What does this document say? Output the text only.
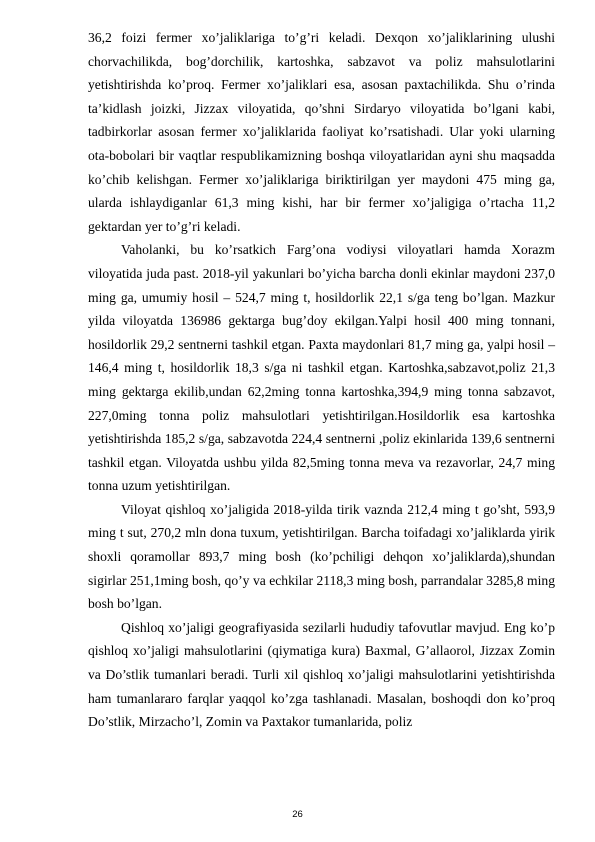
36,2 foizi fermer xo’jaliklariga to’g’ri keladi. Dexqon xo’jaliklarining ulushi chorvachilikda, bog’dorchilik, kartoshka, sabzavot va poliz mahsulotlarini yetishtirishda ko’proq. Fermer xo’jaliklari esa, asosan paxtachilikda. Shu o’rinda ta’kidlash joizki, Jizzax viloyatida, qo’shni Sirdaryo viloyatida bo’lgani kabi, tadbirkorlar asosan fermer xo’jaliklarida faoliyat ko’rsatishadi. Ular yoki ularning ota-bobolari bir vaqtlar respublikamizning boshqa viloyatlaridan ayni shu maqsadda ko’chib kelishgan. Fermer xo’jaliklariga biriktirilgan yer maydoni 475 ming ga, ularda ishlaydiganlar 61,3 ming kishi, har bir fermer xo’jaligiga o’rtacha 11,2 gektardan yer to’g’ri keladi.

Vaholanki, bu ko’rsatkich Farg’ona vodiysi viloyatlari hamda Xorazm viloyatida juda past. 2018-yil yakunlari bo’yicha barcha donli ekinlar maydoni 237,0 ming ga, umumiy hosil – 524,7 ming t, hosildorlik 22,1 s/ga teng bo’lgan. Mazkur yilda viloyatda 136986 gektarga bug’doy ekilgan.Yalpi hosil 400 ming tonnani, hosildorlik 29,2 sentnerni tashkil etgan. Paxta maydonlari 81,7 ming ga, yalpi hosil – 146,4 ming t, hosildorlik 18,3 s/ga ni tashkil etgan. Kartoshka,sabzavot,poliz 21,3 ming gektarga ekilib,undan 62,2ming tonna kartoshka,394,9 ming tonna sabzavot, 227,0ming tonna poliz mahsulotlari yetishtirilgan.Hosildorlik esa kartoshka yetishtirishda 185,2 s/ga, sabzavotda 224,4 sentnerni ,poliz ekinlarida 139,6 sentnerni tashkil etgan. Viloyatda ushbu yilda 82,5ming tonna meva va rezavorlar, 24,7 ming tonna uzum yetishtirilgan.

Viloyat qishloq xo’jaligida 2018-yilda tirik vaznda 212,4 ming t go’sht, 593,9 ming t sut, 270,2 mln dona tuxum, yetishtirilgan. Barcha toifadagi xo’jaliklarda yirik shoxli qoramollar 893,7 ming bosh (ko’pchiligi dehqon xo’jaliklarda),shundan sigirlar 251,1ming bosh, qo’y va echkilar 2118,3 ming bosh, parrandalar 3285,8 ming bosh bo’lgan.

Qishloq xo’jaligi geografiyasida sezilarli hududiy tafovutlar mavjud. Eng ko’p qishloq xo’jaligi mahsulotlarini (qiymatiga kura) Baxmal, G’allaorol, Jizzax Zomin va Do’stlik tumanlari beradi. Turli xil qishloq xo’jaligi mahsulotlarini yetishtirishda ham tumanlararo farqlar yaqqol ko’zga tashlanadi. Masalan, boshoqdi don ko’proq Do’stlik, Mirzacho’l, Zomin va Paxtakor tumanlarida, poliz

26
